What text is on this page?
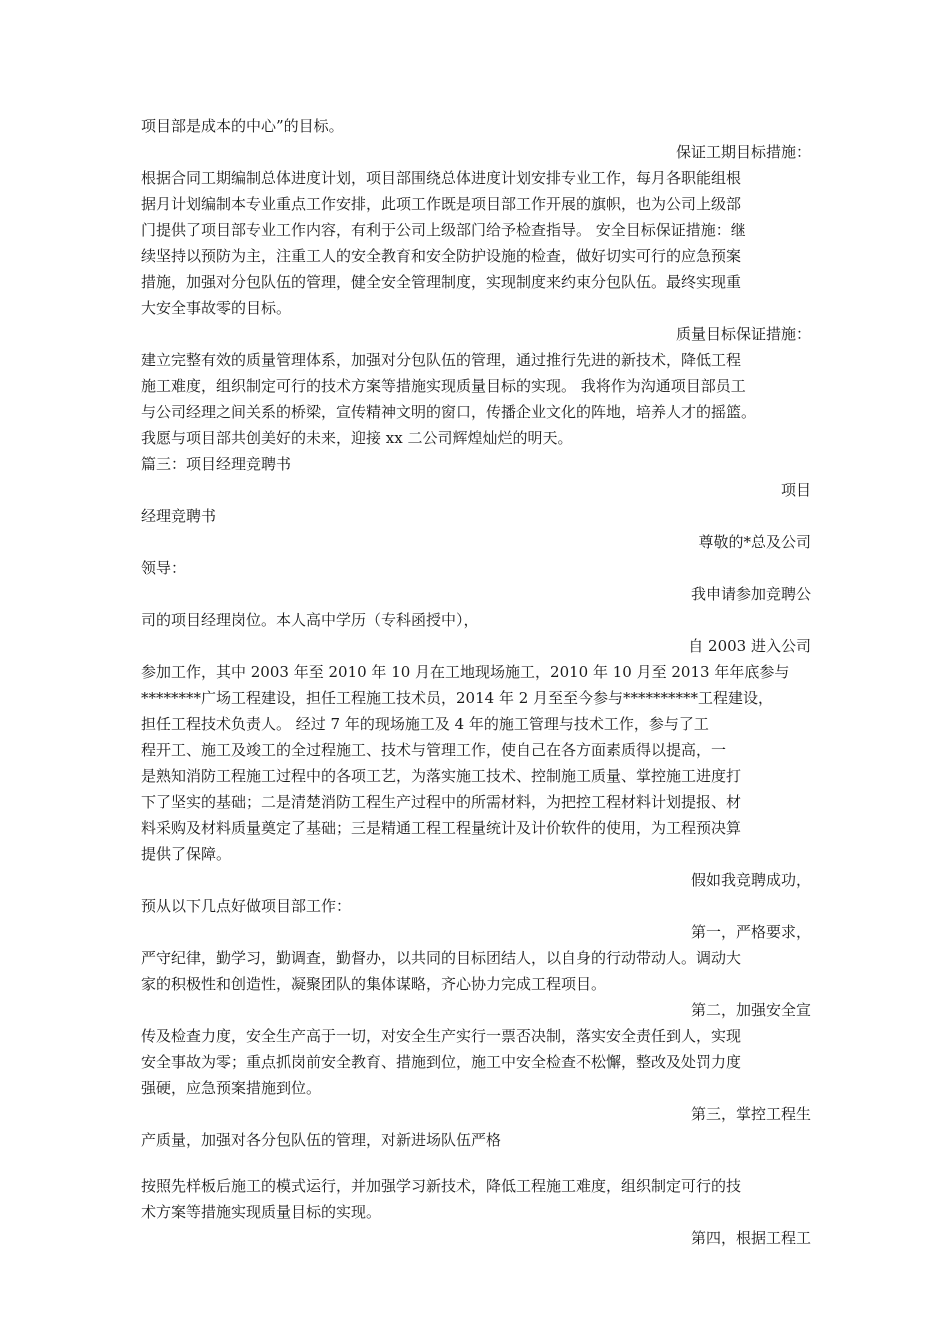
项目部是成本的中心”的目标。
保证工期目标措施：
根据合同工期编制总体进度计划，项目部围绕总体进度计划安排专业工作，每月各职能组根
据月计划编制本专业重点工作安排，此项工作既是项目部工作开展的旗帜，也为公司上级部
门提供了项目部专业工作内容，有利于公司上级部门给予检查指导。 安全目标保证措施：继
续坚持以预防为主，注重工人的安全教育和安全防护设施的检查，做好切实可行的应急预案
措施，加强对分包队伍的管理，健全安全管理制度，实现制度来约束分包队伍。最终实现重
大安全事故零的目标。
质量目标保证措施：
建立完整有效的质量管理体系，加强对分包队伍的管理，通过推行先进的新技术，降低工程
施工难度，组织制定可行的技术方案等措施实现质量目标的实现。 我将作为沟通项目部员工
与公司经理之间关系的桥梁，宣传精神文明的窗口，传播企业文化的阵地，培养人才的摇篮。
我愿与项目部共创美好的未来，迎接 xx 二公司辉煌灿烂的明天。
篇三：项目经理竞聘书
项目
经理竞聘书
尊敬的*总及公司
领导：
我申请参加竞聘公
司的项目经理岗位。本人高中学历（专科函授中），
自 2003 进入公司
参加工作，其中 2003 年至 2010 年 10 月在工地现场施工，2010 年 10 月至 2013 年年底参与
********广场工程建设，担任工程施工技术员，2014 年 2 月至至今参与**********工程建设，
担任工程技术负责人。 经过 7 年的现场施工及 4 年的施工管理与技术工作，参与了工
程开工、施工及竣工的全过程施工、技术与管理工作，使自己在各方面素质得以提高，一
是熟知消防工程施工过程中的各项工艺，为落实施工技术、控制施工质量、掌控施工进度打
下了坚实的基础；二是清楚消防工程生产过程中的所需材料，为把控工程材料计划提报、材
料采购及材料质量奠定了基础；三是精通工程工程量统计及计价软件的使用，为工程预决算
提供了保障。
假如我竞聘成功，
预从以下几点好做项目部工作：
第一，严格要求，
严守纪律，勤学习，勤调查，勤督办，以共同的目标团结人，以自身的行动带动人。调动大
家的积极性和创造性，凝聚团队的集体谋略，齐心协力完成工程项目。
第二，加强安全宣
传及检查力度，安全生产高于一切，对安全生产实行一票否决制，落实安全责任到人，实现
安全事故为零；重点抓岗前安全教育、措施到位，施工中安全检查不松懈，整改及处罚力度
强硬，应急预案措施到位。
第三，掌控工程生
产质量，加强对各分包队伍的管理，对新进场队伍严格
按照先样板后施工的模式运行，并加强学习新技术，降低工程施工难度，组织制定可行的技
术方案等措施实现质量目标的实现。
第四，根据工程工
